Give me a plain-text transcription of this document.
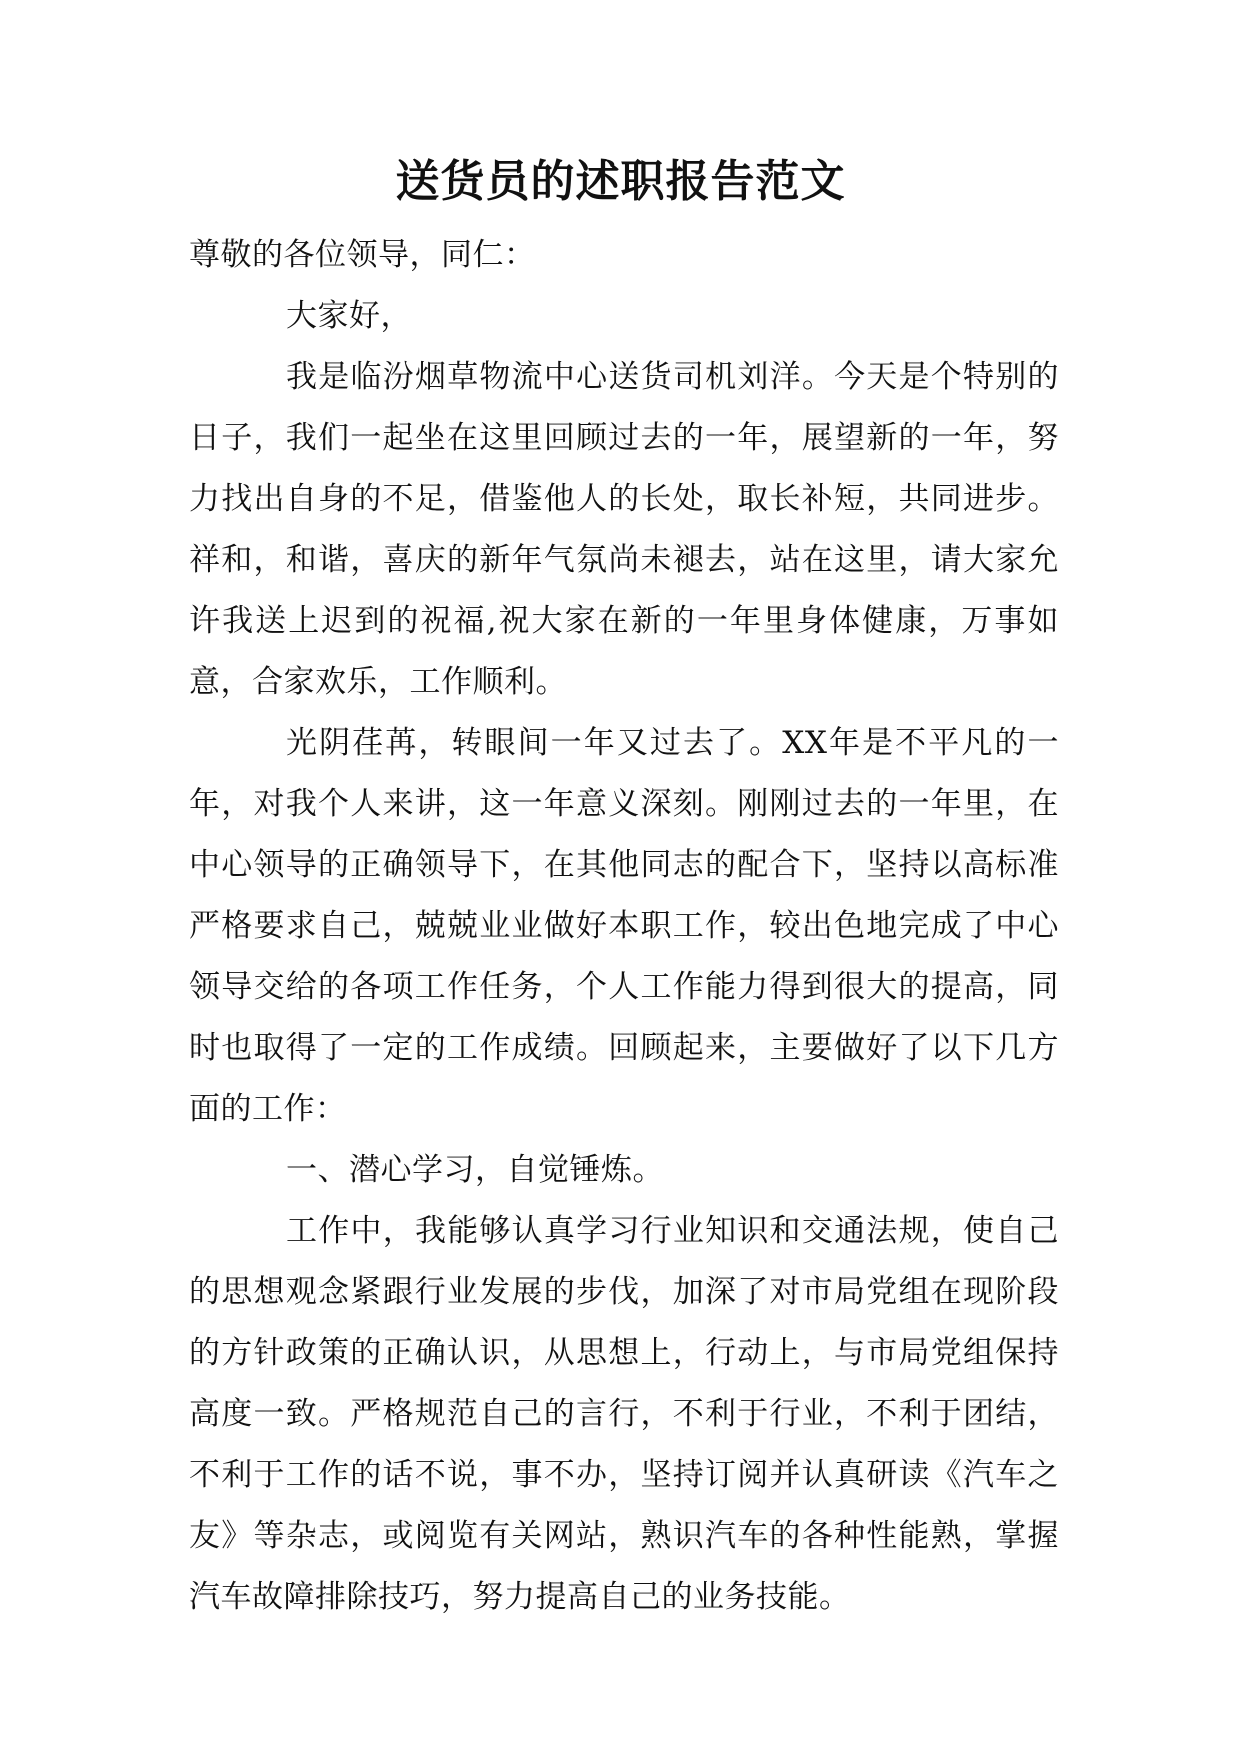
送货员的述职报告范文

尊敬的各位领导，同仁：

大家好，

我是临汾烟草物流中心送货司机刘洋。今天是个特别的日子，我们一起坐在这里回顾过去的一年，展望新的一年，努力找出自身的不足，借鉴他人的长处，取长补短，共同进步。祥和，和谐，喜庆的新年气氛尚未褪去，站在这里，请大家允许我送上迟到的祝福,祝大家在新的一年里身体健康，万事如意，合家欢乐，工作顺利。

光阴荏苒，转眼间一年又过去了。XX年是不平凡的一年，对我个人来讲，这一年意义深刻。刚刚过去的一年里，在中心领导的正确领导下，在其他同志的配合下，坚持以高标准严格要求自己，兢兢业业做好本职工作，较出色地完成了中心领导交给的各项工作任务，个人工作能力得到很大的提高，同时也取得了一定的工作成绩。回顾起来，主要做好了以下几方面的工作：

一、潜心学习，自觉锤炼。

工作中，我能够认真学习行业知识和交通法规，使自己的思想观念紧跟行业发展的步伐，加深了对市局党组在现阶段的方针政策的正确认识，从思想上，行动上，与市局党组保持高度一致。严格规范自己的言行，不利于行业，不利于团结，不利于工作的话不说，事不办，坚持订阅并认真研读《汽车之友》等杂志，或阅览有关网站，熟识汽车的各种性能熟，掌握汽车故障排除技巧，努力提高自己的业务技能。
